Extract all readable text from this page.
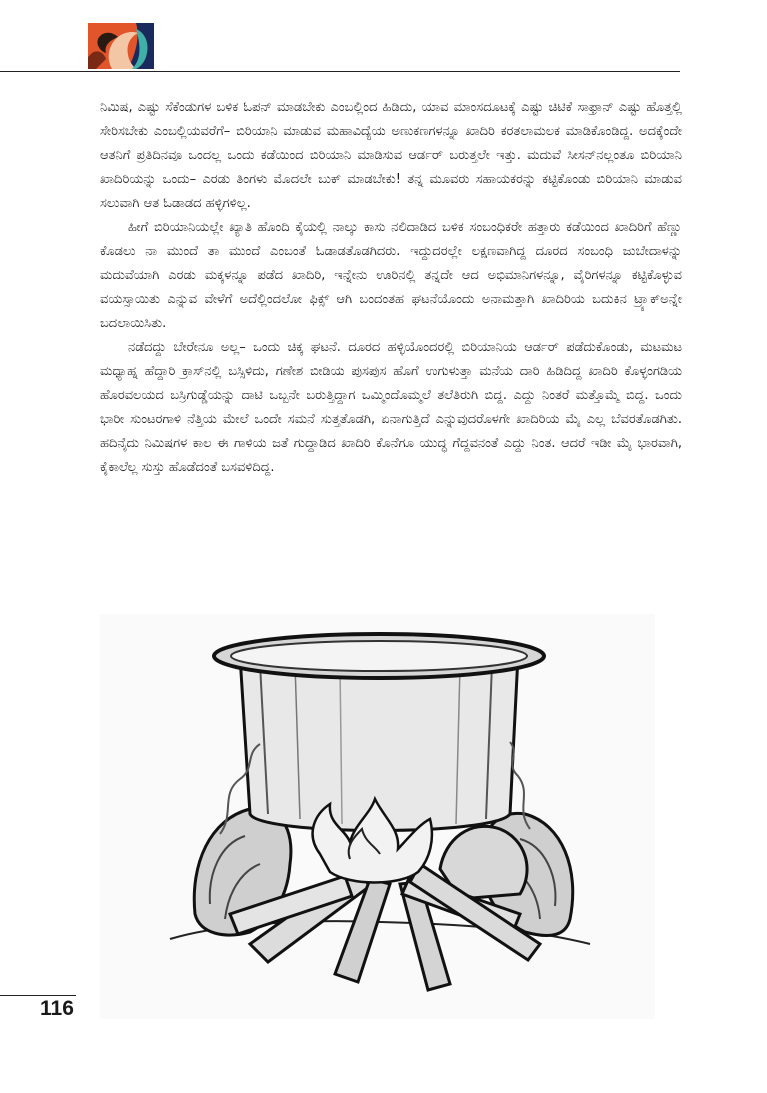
ನಿಮಿಷ, ಎಷ್ಟು ಸೆಕೆಂಡುಗಳ ಬಳಿಕ ಓಪನ್ ಮಾಡಬೇಕು ಎಂಬಲ್ಲಿಂದ ಹಿಡಿದು, ಯಾವ ಮಾಂಸದೂಟಕ್ಕೆ ಎಷ್ಟು ಚಿಟಿಕೆ ಸಾಫ್ರಾನ್ ಎಷ್ಟು ಹೊತ್ತಲ್ಲಿ ಸೇರಿಸಬೇಕು ಎಂಬಲ್ಲಿಯವರೆಗೆ– ಬಿರಿಯಾನಿ ಮಾಡುವ ಮಹಾವಿದ್ಯೆಯ ಅಣುಕಣಗಳನ್ನೂ ಖಾದಿರಿ ಕರತಲಾಮಲಕ ಮಾಡಿಕೊಂಡಿದ್ದ. ಅದಕ್ಕೆಂದೇ ಆತನಿಗೆ ಪ್ರತಿದಿನವೂ ಒಂದಲ್ಲ ಒಂದು ಕಡೆಯಿಂದ ಬಿರಿಯಾನಿ ಮಾಡಿಸುವ ಆರ್ಡರ್ ಬರುತ್ತಲೇ ಇತ್ತು. ಮದುವೆ ಸೀಸನ್‌ನಲ್ಲಂತೂ ಬಿರಿಯಾನಿ ಖಾದಿರಿಯನ್ನು ಒಂದು– ಎರಡು ತಿಂಗಳು ಮೊದಲೇ ಬುಕ್ ಮಾಡಬೇಕು! ತನ್ನ ಮೂವರು ಸಹಾಯಕರನ್ನು ಕಟ್ಟಿಕೊಂಡು ಬಿರಿಯಾನಿ ಮಾಡುವ ಸಲುವಾಗಿ ಆತ ಓಡಾಡದ ಹಳ್ಳಿಗಳಿಲ್ಲ.

ಹೀಗೆ ಬಿರಿಯಾನಿಯಲ್ಲೇ ಖ್ಯಾತಿ ಹೊಂದಿ ಕೈಯಲ್ಲಿ ನಾಲ್ಕು ಕಾಸು ನಲಿದಾಡಿದ ಬಳಿಕ ಸಂಬಂಧಿಕರೇ ಹತ್ತಾರು ಕಡೆಯಿಂದ ಖಾದಿರಿಗೆ ಹೆಣ್ಣು ಕೊಡಲು ನಾ ಮುಂದೆ ತಾ ಮುಂದೆ ಎಂಬಂತೆ ಓಡಾಡತೊಡಗಿದರು. ಇದ್ದುದರಲ್ಲೇ ಲಕ್ಷಣವಾಗಿದ್ದ ದೂರದ ಸಂಬಂಧಿ ಜುಬೇದಾಳನ್ನು ಮದುವೆಯಾಗಿ ಎರಡು ಮಕ್ಕಳನ್ನೂ ಪಡೆದ ಖಾದಿರಿ, ಇನ್ನೇನು ಊರಿನಲ್ಲಿ ತನ್ನದೇ ಆದ ಅಭಿಮಾನಿಗಳನ್ನೂ, ವೈರಿಗಳನ್ನೂ ಕಟ್ಟಿಕೊಳ್ಳುವ ವಯಸ್ಸಾಯಿತು ಎನ್ನುವ ವೇಳೆಗೆ ಅದೆಲ್ಲಿಂದಲೋ ಫಿಕ್ಸ್ ಆಗಿ ಬಂದಂತಹ ಘಟನೆಯೊಂದು ಅನಾಮತ್ತಾಗಿ ಖಾದಿರಿಯ ಬದುಕಿನ ಟ್ರ್ಯಾಕ್‌ಅನ್ನೇ ಬದಲಾಯಿಸಿತು.

ನಡೆದದ್ದು ಬೇರೇನೂ ಅಲ್ಲ– ಒಂದು ಚಿಕ್ಕ ಘಟನೆ. ದೂರದ ಹಳ್ಳಿಯೊಂದರಲ್ಲಿ ಬಿರಿಯಾನಿಯ ಆರ್ಡರ್ ಪಡೆದುಕೊಂಡು, ಮಟಮಟ ಮಧ್ಯಾಹ್ನ ಹೆದ್ದಾರಿ ಕ್ರಾಸ್‌ನಲ್ಲಿ ಬಸ್ಸಿಳಿದು, ಗಣೇಶ ಬೀಡಿಯ ಪುಸಪುಸ ಹೊಗೆ ಉಗುಳುತ್ತಾ ಮನೆಯ ದಾರಿ ಹಿಡಿದಿದ್ದ ಖಾದಿರಿ ಕೊಳ್ಳಂಗಡಿಯ ಹೊರವಲಯದ ಬಸ್ರಿಗುಡ್ಡೆಯನ್ನು ದಾಟಿ ಒಬ್ಬನೇ ಬರುತ್ತಿದ್ದಾಗ ಒಮ್ಮಿಂದೊಮ್ಮಲೆ ತಲೆತಿರುಗಿ ಬಿದ್ದ. ಎದ್ದು ನಿಂತರೆ ಮತ್ತೊಮ್ಮೆ ಬಿದ್ದ. ಒಂದು ಭಾರೀ ಸುಂಟರಗಾಳಿ ನೆತ್ತಿಯ ಮೇಲೆ ಒಂದೇ ಸಮನೆ ಸುತ್ತತೊಡಗಿ, ಏನಾಗುತ್ತಿದೆ ಎನ್ನುವುದರೊಳಗೇ ಖಾದಿರಿಯ ಮೈ ಎಲ್ಲ ಬೆವರತೊಡಗಿತು. ಹದಿನೈದು ನಿಮಿಷಗಳ ಕಾಲ ಈ ಗಾಳಿಯ ಜತೆ ಗುದ್ದಾಡಿದ ಖಾದಿರಿ ಕೊನೆಗೂ ಯುದ್ಧ ಗೆದ್ದವನಂತೆ ಎದ್ದು ನಿಂತ. ಆದರೆ ಇಡೀ ಮೈ ಭಾರವಾಗಿ, ಕೈಕಾಲೆಲ್ಲ ಸುಸ್ತು ಹೊಡೆದಂತೆ ಬಸವಳಿದಿದ್ದ.

116
